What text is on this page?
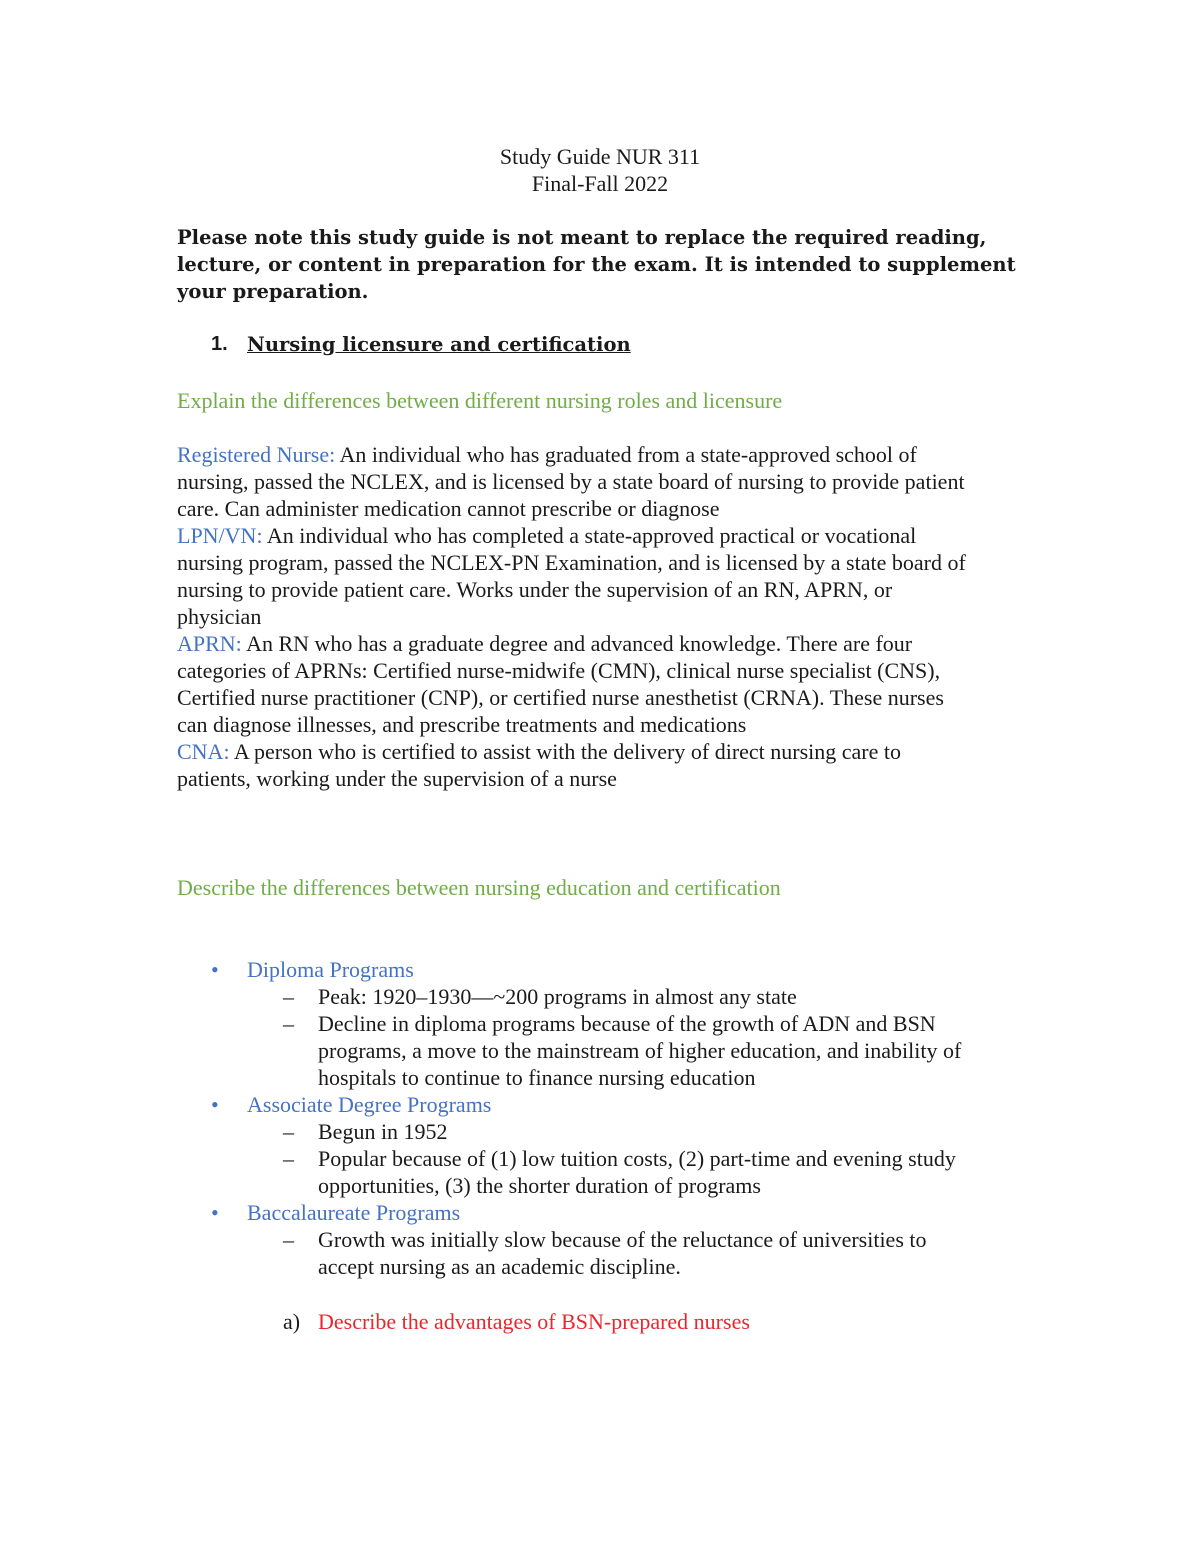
Study Guide NUR 311
Final-Fall 2022
Please note this study guide is not meant to replace the required reading, lecture, or content in preparation for the exam. It is intended to supplement your preparation.
1. Nursing licensure and certification
Explain the differences between different nursing roles and licensure
Registered Nurse: An individual who has graduated from a state-approved school of
nursing, passed the NCLEX, and is licensed by a state board of nursing to provide patient
care. Can administer medication cannot prescribe or diagnose
LPN/VN: An individual who has completed a state-approved practical or vocational
nursing program, passed the NCLEX-PN Examination, and is licensed by a state board of
nursing to provide patient care. Works under the supervision of an RN, APRN, or
physician
APRN: An RN who has a graduate degree and advanced knowledge. There are four
categories of APRNs: Certified nurse-midwife (CMN), clinical nurse specialist (CNS),
Certified nurse practitioner (CNP), or certified nurse anesthetist (CRNA). These nurses
can diagnose illnesses, and prescribe treatments and medications
CNA: A person who is certified to assist with the delivery of direct nursing care to
patients, working under the supervision of a nurse
Describe the differences between nursing education and certification
• Diploma Programs
– Peak: 1920–1930—~200 programs in almost any state
– Decline in diploma programs because of the growth of ADN and BSN
programs, a move to the mainstream of higher education, and inability of
hospitals to continue to finance nursing education
• Associate Degree Programs
– Begun in 1952
– Popular because of (1) low tuition costs, (2) part-time and evening study
opportunities, (3) the shorter duration of programs
• Baccalaureate Programs
– Growth was initially slow because of the reluctance of universities to
accept nursing as an academic discipline.
a) Describe the advantages of BSN-prepared nurses
